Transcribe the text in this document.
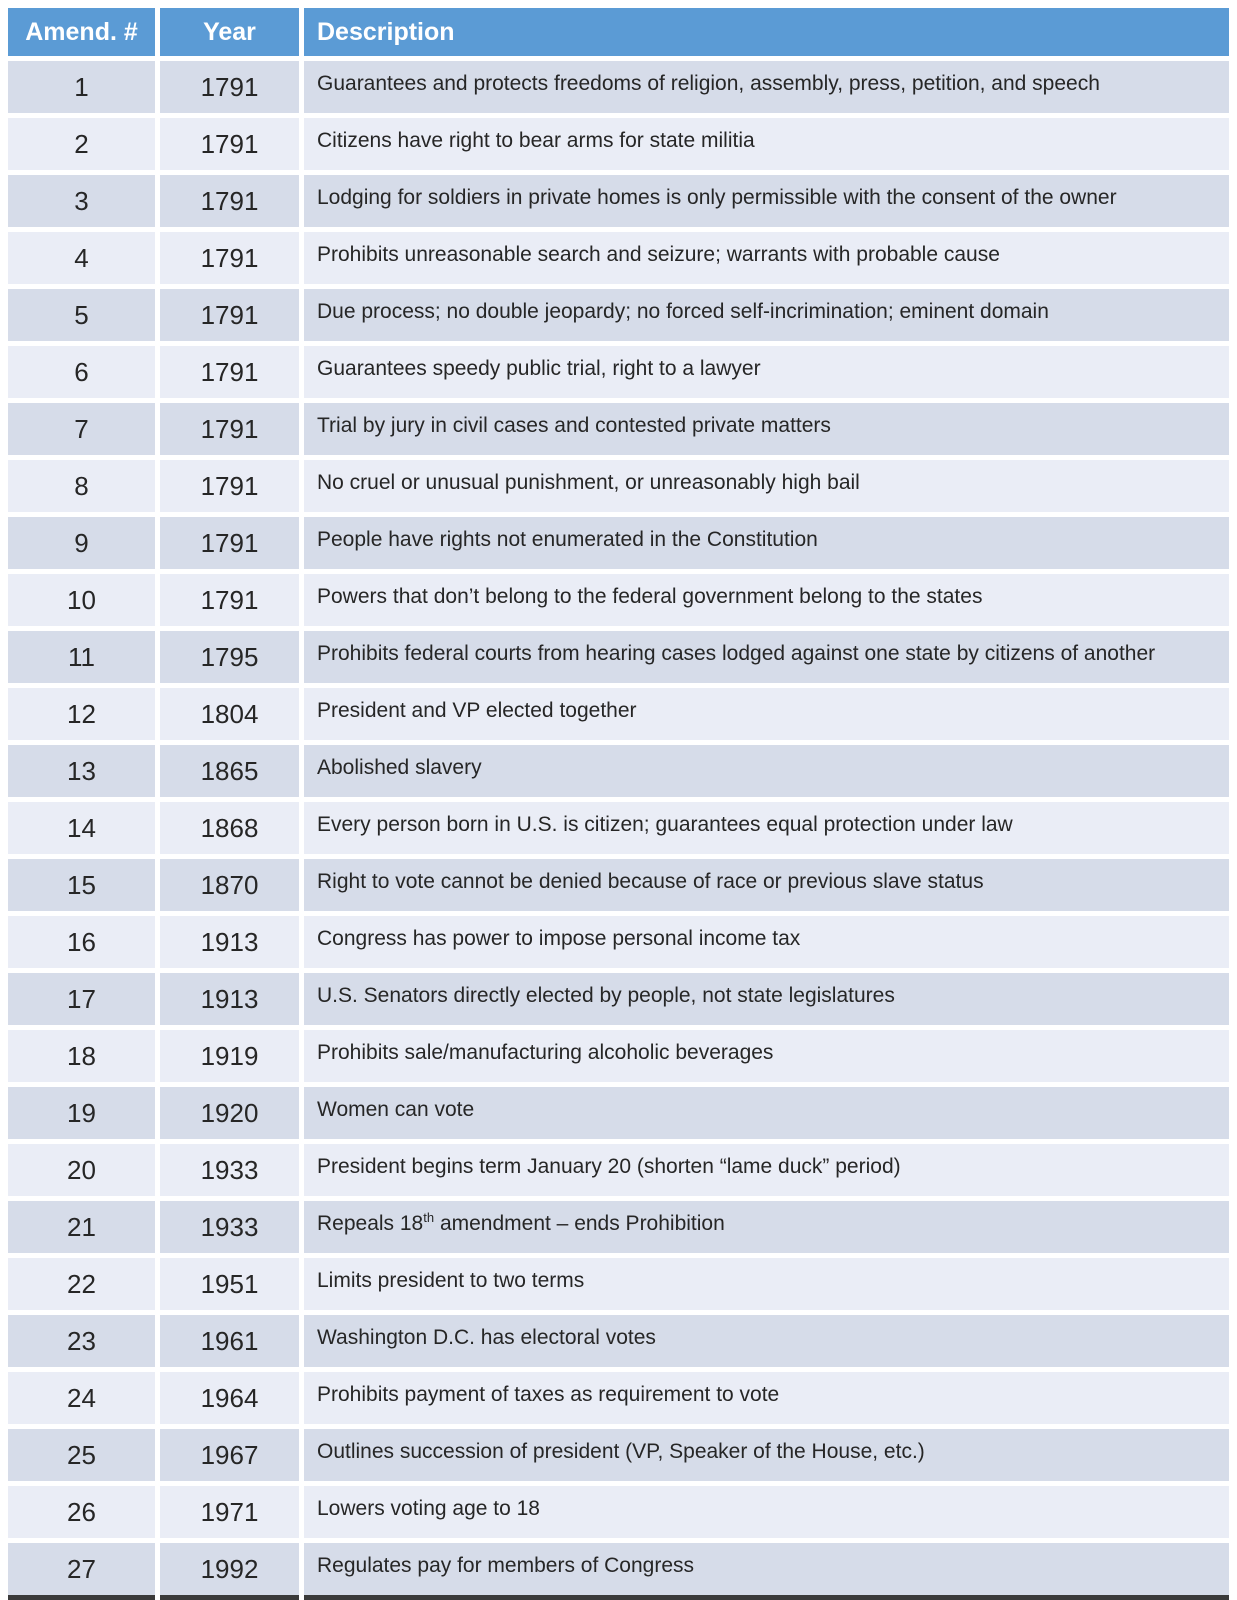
Amend. #	Year	Description
1	1791	Guarantees and protects freedoms of religion, assembly, press, petition, and speech
2	1791	Citizens have right to bear arms for state militia
3	1791	Lodging for soldiers in private homes is only permissible with the consent of the owner
4	1791	Prohibits unreasonable search and seizure; warrants with probable cause
5	1791	Due process; no double jeopardy; no forced self-incrimination; eminent domain
6	1791	Guarantees speedy public trial, right to a lawyer
7	1791	Trial by jury in civil cases and contested private matters
8	1791	No cruel or unusual punishment, or unreasonably high bail
9	1791	People have rights not enumerated in the Constitution
10	1791	Powers that don’t belong to the federal government belong to the states
11	1795	Prohibits federal courts from hearing cases lodged against one state by citizens of another
12	1804	President and VP elected together
13	1865	Abolished slavery
14	1868	Every person born in U.S. is citizen; guarantees equal protection under law
15	1870	Right to vote cannot be denied because of race or previous slave status
16	1913	Congress has power to impose personal income tax
17	1913	U.S. Senators directly elected by people, not state legislatures
18	1919	Prohibits sale/manufacturing alcoholic beverages
19	1920	Women can vote
20	1933	President begins term January 20 (shorten “lame duck” period)
21	1933	Repeals 18th amendment – ends Prohibition
22	1951	Limits president to two terms
23	1961	Washington D.C. has electoral votes
24	1964	Prohibits payment of taxes as requirement to vote
25	1967	Outlines succession of president (VP, Speaker of the House, etc.)
26	1971	Lowers voting age to 18
27	1992	Regulates pay for members of Congress
